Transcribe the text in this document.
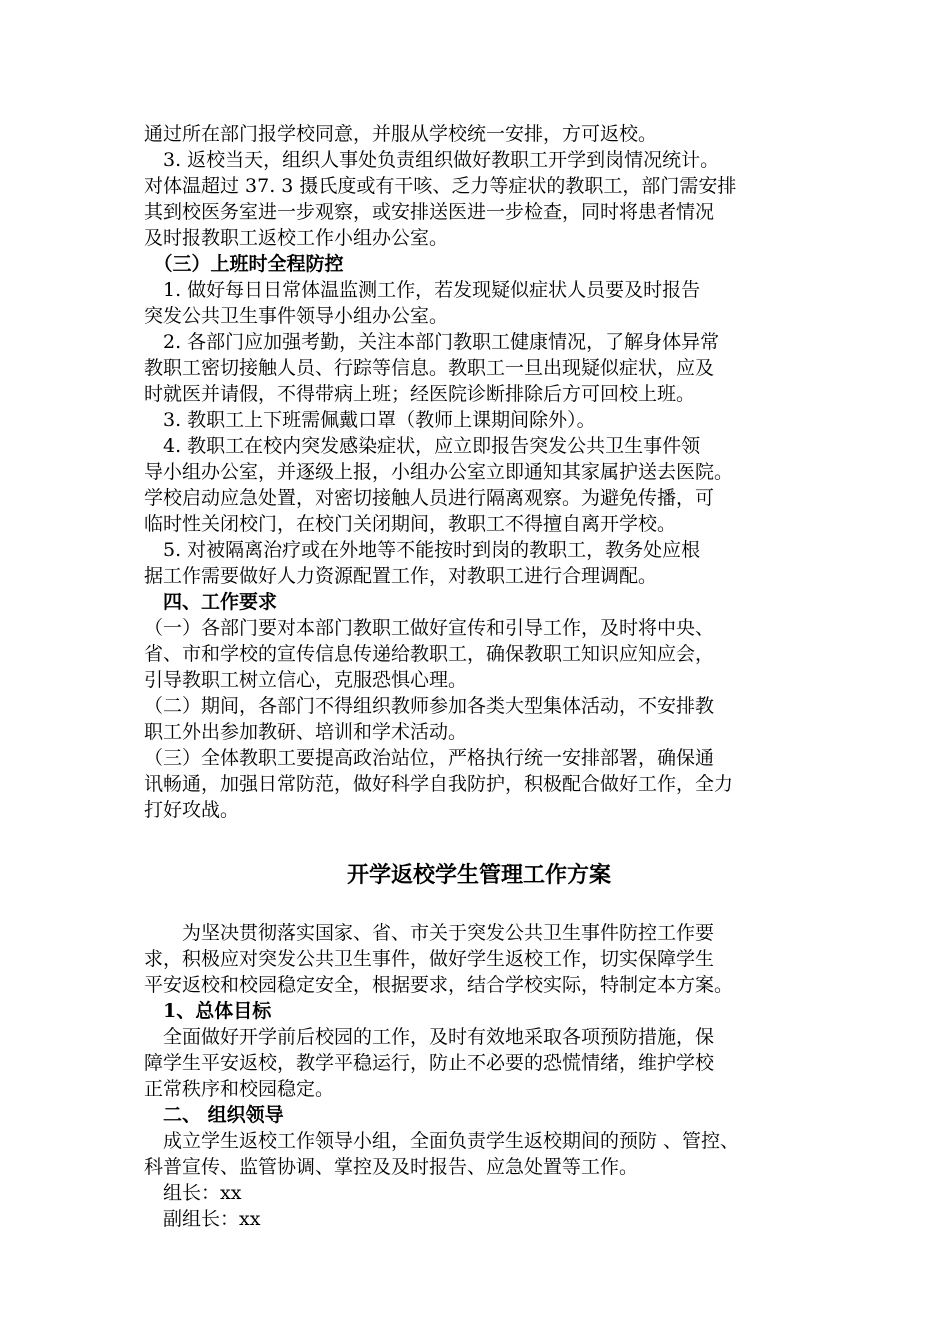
通过所在部门报学校同意，并服从学校统一安排，方可返校。

　3. 返校当天，组织人事处负责组织做好教职工开学到岗情况统计。

对体温超过 37. 3 摄氏度或有干咳、乏力等症状的教职工，部门需安排

其到校医务室进一步观察，或安排送医进一步检查，同时将患者情况

及时报教职工返校工作小组办公室。

　（三）上班时全程防控

　1. 做好每日日常体温监测工作，若发现疑似症状人员要及时报告

突发公共卫生事件领导小组办公室。

　2. 各部门应加强考勤，关注本部门教职工健康情况，了解身体异常

教职工密切接触人员、行踪等信息。教职工一旦出现疑似症状，应及

时就医并请假，不得带病上班；经医院诊断排除后方可回校上班。

　3. 教职工上下班需佩戴口罩（教师上课期间除外）。

　4. 教职工在校内突发感染症状，应立即报告突发公共卫生事件领

导小组办公室，并逐级上报，小组办公室立即通知其家属护送去医院。

学校启动应急处置，对密切接触人员进行隔离观察。为避免传播，可

临时性关闭校门，在校门关闭期间，教职工不得擅自离开学校。

　5. 对被隔离治疗或在外地等不能按时到岗的教职工，教务处应根

据工作需要做好人力资源配置工作，对教职工进行合理调配。

　四、工作要求

（一）各部门要对本部门教职工做好宣传和引导工作，及时将中央、

省、市和学校的宣传信息传递给教职工，确保教职工知识应知应会，

引导教职工树立信心，克服恐惧心理。

（二）期间，各部门不得组织教师参加各类大型集体活动，不安排教

职工外出参加教研、培训和学术活动。

（三）全体教职工要提高政治站位，严格执行统一安排部署，确保通

讯畅通，加强日常防范，做好科学自我防护，积极配合做好工作，全力

打好攻战。

开学返校学生管理工作方案

　　为坚决贯彻落实国家、省、市关于突发公共卫生事件防控工作要

求，积极应对突发公共卫生事件，做好学生返校工作，切实保障学生

平安返校和校园稳定安全，根据要求，结合学校实际，特制定本方案。

　1、总体目标

　全面做好开学前后校园的工作，及时有效地采取各项预防措施，保

障学生平安返校，教学平稳运行，防止不必要的恐慌情绪，维护学校

正常秩序和校园稳定。

　二、 组织领导

　成立学生返校工作领导小组，全面负责学生返校期间的预防 、管控、

科普宣传、监管协调、掌控及及时报告、应急处置等工作。

　组长：xx

　副组长：xx
